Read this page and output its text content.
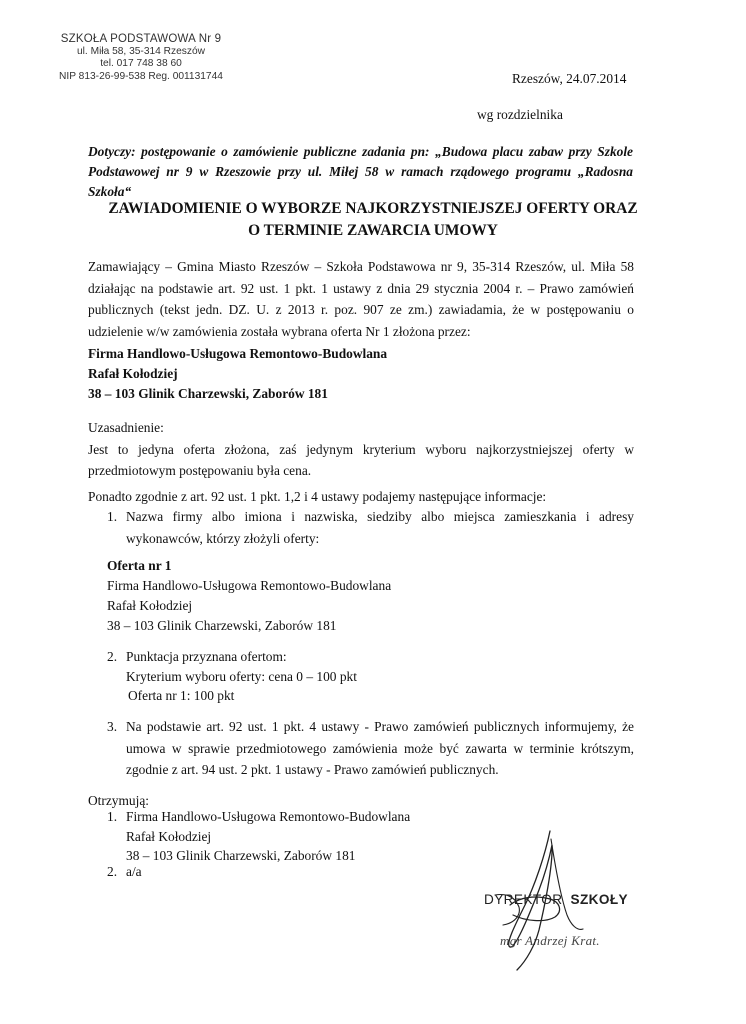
SZKOŁA PODSTAWOWA Nr 9
ul. Miła 58, 35-314 Rzeszów
tel. 017 748 38 60
NIP 813-26-99-538 Reg. 001131744	Rzeszów, 24.07.2014
wg rozdzielnika
Dotyczy: postępowanie o zamówienie publiczne zadania pn: „Budowa placu zabaw przy Szkole Podstawowej nr 9 w Rzeszowie przy ul. Miłej 58 w ramach rządowego programu „Radosna Szkoła“
ZAWIADOMIENIE O WYBORZE NAJKORZYSTNIEJSZEJ OFERTY ORAZ
O TERMINIE ZAWARCIA UMOWY
Zamawiający – Gmina Miasto Rzeszów – Szkoła Podstawowa nr 9, 35-314 Rzeszów, ul. Miła 58 działając na podstawie art. 92 ust. 1 pkt. 1 ustawy z dnia 29 stycznia 2004 r. – Prawo zamówień publicznych (tekst jedn. DZ. U. z 2013 r. poz. 907 ze zm.) zawiadamia, że w postępowaniu o udzielenie w/w zamówienia została wybrana oferta Nr 1 złożona przez:
Firma Handlowo-Usługowa Remontowo-Budowlana
Rafał Kołodziej
38 – 103 Glinik Charzewski, Zaborów 181
Uzasadnienie:
Jest to jedyna oferta złożona, zaś jedynym kryterium wyboru najkorzystniejszej oferty w przedmiotowym postępowaniu była cena.
Ponadto zgodnie z art. 92 ust. 1 pkt. 1,2 i 4 ustawy podajemy następujące informacje:
1. Nazwa firmy albo imiona i nazwiska, siedziby albo miejsca zamieszkania i adresy wykonawców, którzy złożyli oferty:
Oferta nr 1
Firma Handlowo-Usługowa Remontowo-Budowlana
Rafał Kołodziej
38 – 103 Glinik Charzewski, Zaborów 181
2. Punktacja przyznana ofertom:
Kryterium wyboru oferty: cena 0 – 100 pkt
Oferta nr 1: 100 pkt
3. Na podstawie art. 92 ust. 1 pkt. 4 ustawy - Prawo zamówień publicznych informujemy, że umowa w sprawie przedmiotowego zamówienia może być zawarta w terminie krótszym, zgodnie z art. 94 ust. 2 pkt. 1 ustawy - Prawo zamówień publicznych.
Otrzymują:
1. Firma Handlowo-Usługowa Remontowo-Budowlana
Rafał Kołodziej
38 – 103 Glinik Charzewski, Zaborów 181
2. a/a
DYREKTOR SZKOŁY
mgr Andrzej Krat.
